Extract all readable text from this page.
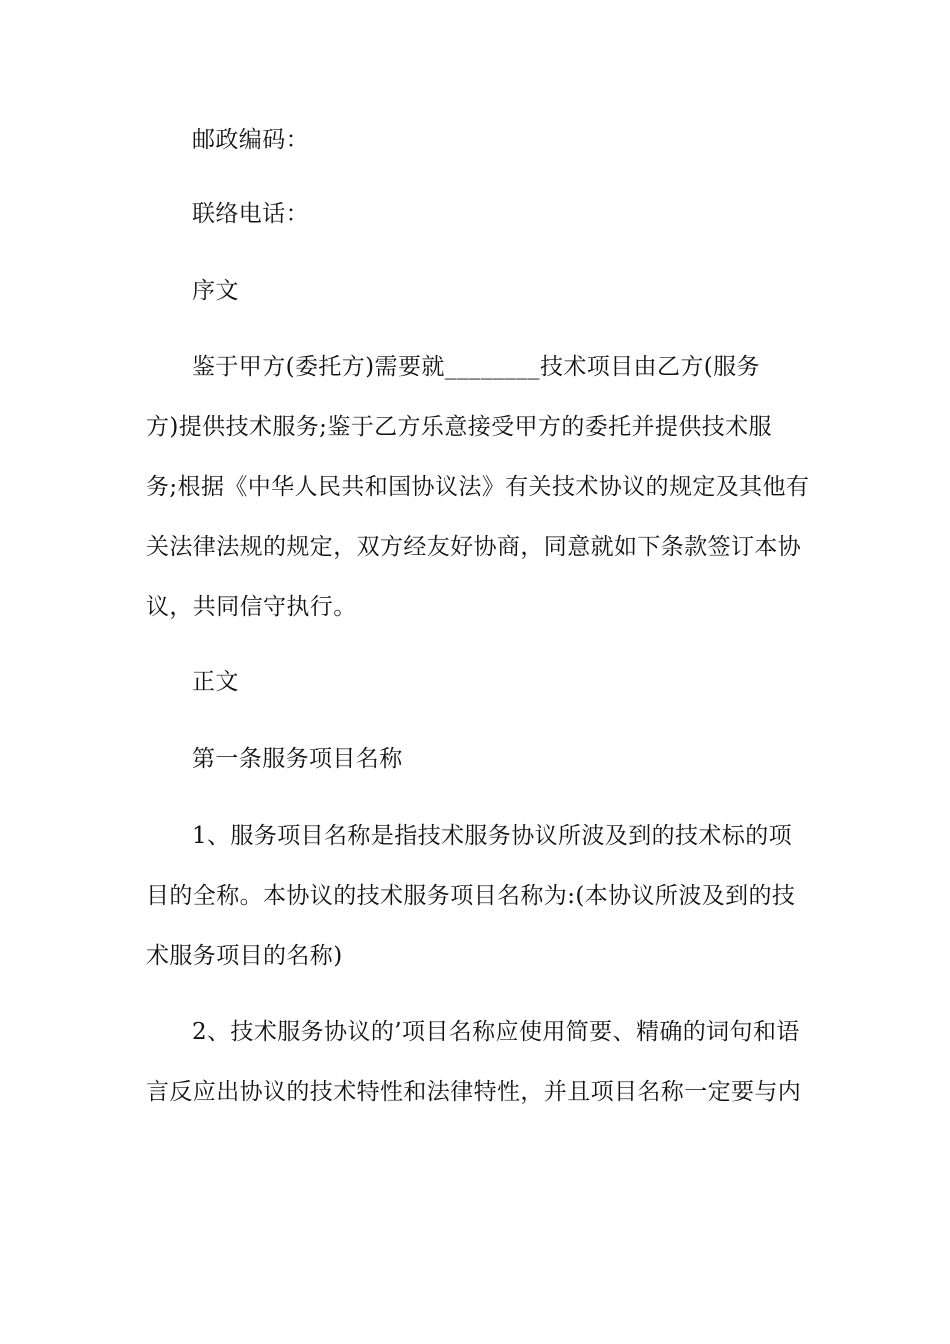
邮政编码：
联络电话：
序文
鉴于甲方(委托方)需要就________技术项目由乙方(服务
方)提供技术服务;鉴于乙方乐意接受甲方的委托并提供技术服
务;根据《中华人民共和国协议法》有关技术协议的规定及其他有
关法律法规的规定，双方经友好协商，同意就如下条款签订本协
议，共同信守执行。
正文
第一条服务项目名称
1、服务项目名称是指技术服务协议所波及到的技术标的项
目的全称。本协议的技术服务项目名称为:(本协议所波及到的技
术服务项目的名称)
2、技术服务协议的’项目名称应使用简要、精确的词句和语
言反应出协议的技术特性和法律特性，并且项目名称一定要与内
